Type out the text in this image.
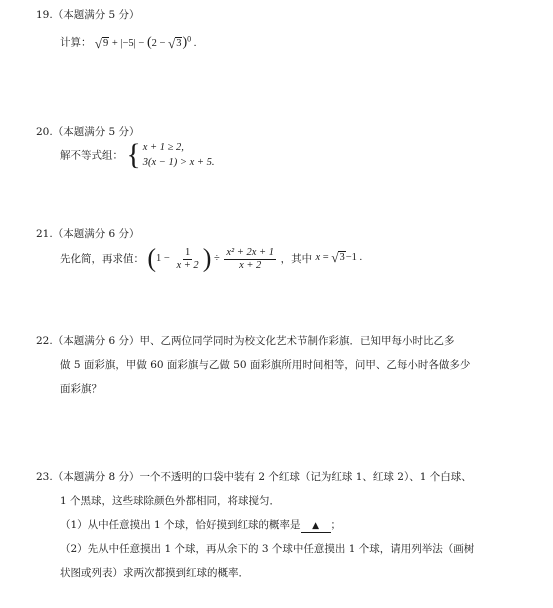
19.（本题满分 5 分）
计算： $√9 + |-5| - (2 - √3)^0$ .
20.（本题满分 5 分）
解不等式组： { x + 1 ≥ 2,
3(x − 1) > x + 5.
21.（本题满分 6 分）
先化简，再求值： ($1 - \frac{1}{x + 2}$ ) ÷ $\frac{\text{x² + 2x + 1}}{x + 2}$ ，其中 x = √3−1 .
22.（本题满分 6 分）甲、乙两位同学同时为校文化艺术节制作彩旗．已知甲每小时比乙多
做 5 面彩旗，甲做 60 面彩旗与乙做 50 面彩旗所用时间相等，问甲、乙每小时各做多少
面彩旗？
23.（本题满分 8 分）一个不透明的口袋中装有 2 个红球（记为红球 1、红球 2）、1 个白球、
1 个黑球，这些球除颜色外都相同，将球搅匀．
（1）从中任意摸出 1 个球，恰好摸到红球的概率是 ▲ ；
（2）先从中任意摸出 1 个球，再从余下的 3 个球中任意摸出 1 个球，请用列举法（画树
状图或列表）求两次都摸到红球的概率．
